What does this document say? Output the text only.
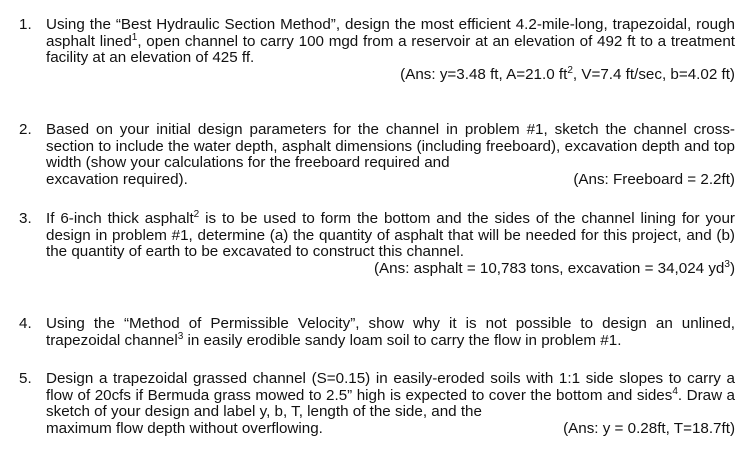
1. Using the “Best Hydraulic Section Method”, design the most efficient 4.2-mile-long, trapezoidal, rough asphalt lined$^1$, open channel to carry 100 mgd from a reservoir at an elevation of 492 ft to a treatment facility at an elevation of 425 ff.
(Ans: y=3.48 ft, A=21.0 $ft^2$, V=7.4 ft/sec, b=4.02 ft)
2. Based on your initial design parameters for the channel in problem #1, sketch the channel cross-section to include the water depth, asphalt dimensions (including freeboard), excavation depth and top width (show your calculations for the freeboard required and
excavation required).	(Ans: Freeboard = 2.2ft)
3. If 6-inch thick asphalt$^2$ is to be used to form the bottom and the sides of the channel lining for your design in problem #1, determine (a) the quantity of asphalt that will be needed for this project, and (b) the quantity of earth to be excavated to construct this channel.
(Ans: asphalt = 10,783 tons, excavation = 34,024 $yd^3$)
4. Using the “Method of Permissible Velocity”, show why it is not possible to design an unlined, trapezoidal channel$^3$ in easily erodible sandy loam soil to carry the flow in problem #1.
5. Design a trapezoidal grassed channel (S=0.15) in easily-eroded soils with 1:1 side slopes to carry a flow of 20cfs if Bermuda grass mowed to 2.5” high is expected to cover the bottom and sides$^4$. Draw a sketch of your design and label y, b, T, length of the side, and the
maximum flow depth without overflowing.	(Ans: y = 0.28ft, T=18.7ft)
